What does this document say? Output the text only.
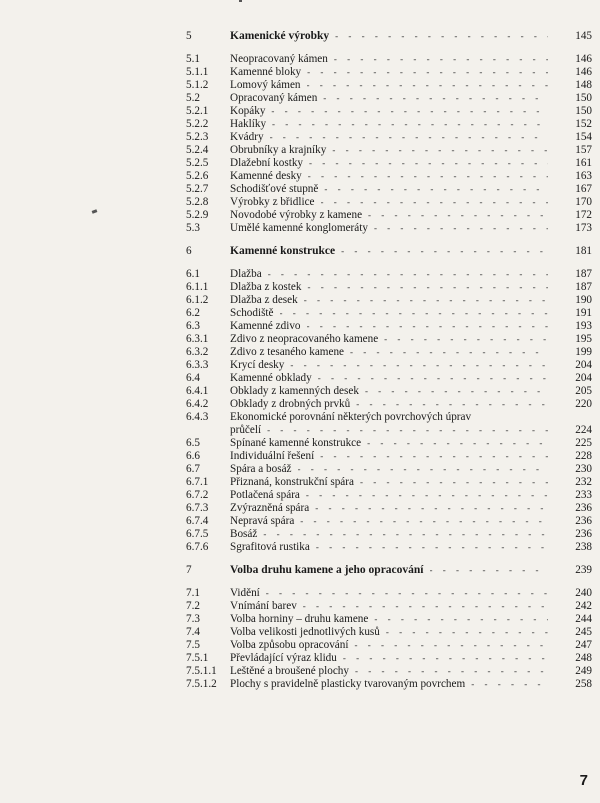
5	Kamenické výrobky - - -	145
5.1	Neopracovaný kámen - - -	146
5.1.1 Kamenné bloky - - -	146
5.1.2 Lomový kámen - - -	148
5.2	Opracovaný kámen - - -	150
5.2.1 Kopáky - - -	150
5.2.2 Haklíky - - -	152
5.2.3 Kvádry - - -	154
5.2.4 Obrubníky a krajníky - - -	157
5.2.5 Dlažební kostky - - -	161
5.2.6 Kamenné desky - - -	163
5.2.7 Schodišťové stupně - - -	167
5.2.8 Výrobky z břidlice - - -	170
5.2.9 Novodobé výrobky z kamene - - -	172
5.3	Umělé kamenné konglomeráty - - -	173
6	Kamenné konstrukce - - -	181
6.1	Dlažba - - -	187
6.1.1 Dlažba z kostek - - -	187
6.1.2 Dlažba z desek - - -	190
6.2	Schodiště - - -	191
6.3	Kamenné zdivo - - -	193
6.3.1 Zdivo z neopracovaného kamene - - -	195
6.3.2 Zdivo z tesaného kamene - - -	199
6.3.3 Krycí desky - - -	204
6.4	Kamenné obklady - - -	204
6.4.1 Obklady z kamenných desek - - -	205
6.4.2 Obklady z drobných prvků - - -	220
6.4.3 Ekonomické porovnání některých povrchových úprav
průčelí - - -	224
6.5	Spínané kamenné konstrukce - - -	225
6.6	Individuální řešení - - -	228
6.7	Spára a bosáž - - -	230
6.7.1 Přiznaná, konstrukční spára - - -	232
6.7.2 Potlačená spára - - -	233
6.7.3 Zvýrazněná spára - - -	236
6.7.4 Nepravá spára - - -	236
6.7.5 Bosáž - - -	236
6.7.6 Sgrafitová rustika - - -	238
7	Volba druhu kamene a jeho opracování - - -	239
7.1	Vidění - - -	240
7.2	Vnímání barev - - -	242
7.3	Volba horniny – druhu kamene - - -	244
7.4	Volba velikosti jednotlivých kusů - - -	245
7.5	Volba způsobu opracování - - -	247
7.5.1 Převládající výraz klidu - - -	248
7.5.1.1 Leštěné a broušené plochy - - -	249
7.5.1.2 Plochy s pravidelně plasticky tvarovaným povrchem - - -	258
7
